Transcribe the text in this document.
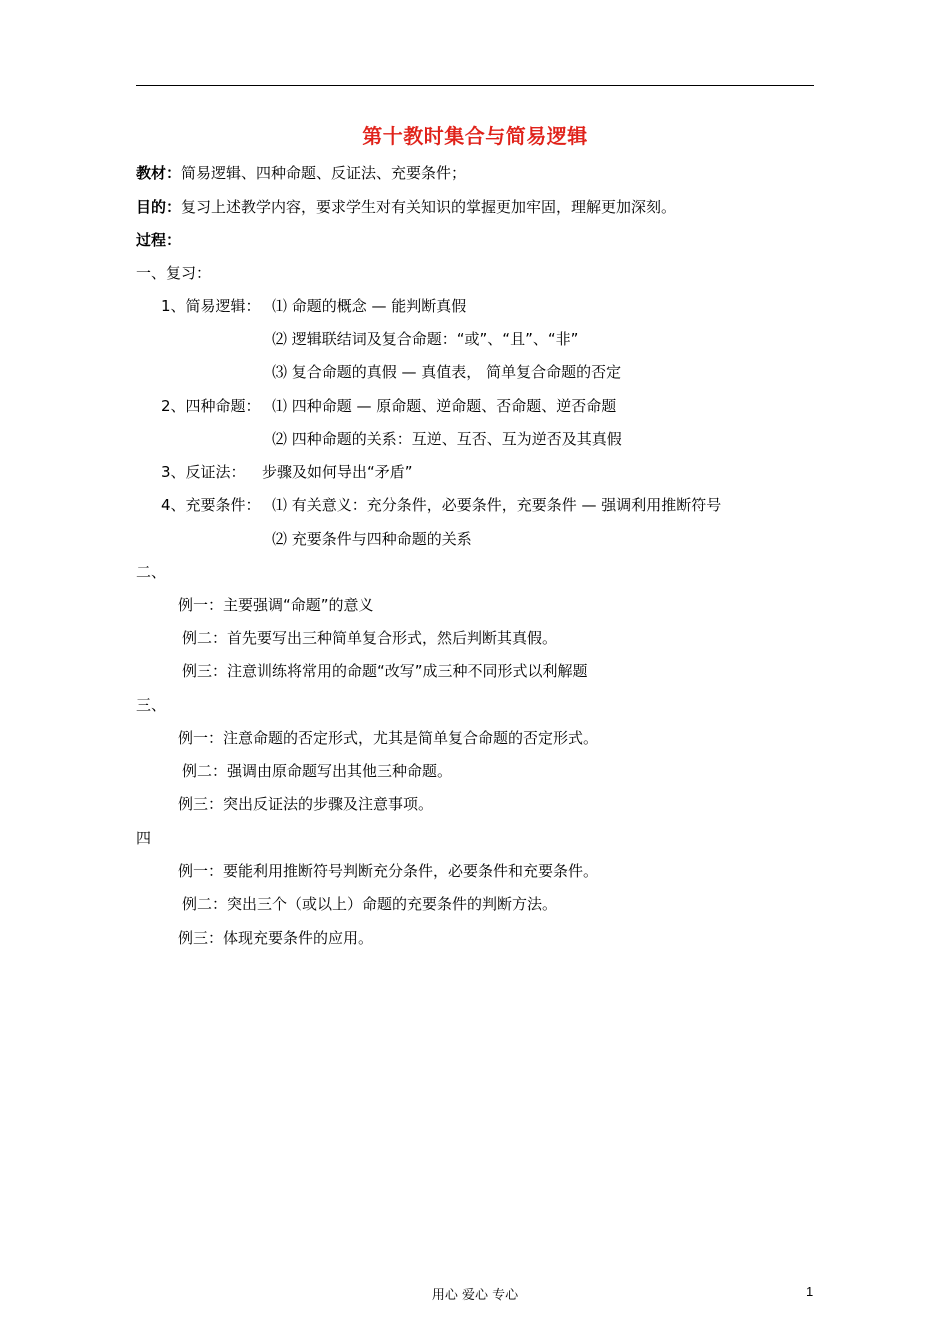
第十教时集合与简易逻辑
教材：简易逻辑、四种命题、反证法、充要条件；
目的：复习上述教学内容，要求学生对有关知识的掌握更加牢固，理解更加深刻。
过程：
一、复习：
1、简易逻辑： ⑴ 命题的概念 — 能判断真假
⑵ 逻辑联结词及复合命题：“或”、“且”、“非”
⑶ 复合命题的真假 — 真值表， 简单复合命题的否定
2、四种命题： ⑴ 四种命题 — 原命题、逆命题、否命题、逆否命题
⑵ 四种命题的关系：互逆、互否、互为逆否及其真假
3、反证法： 步骤及如何导出“矛盾”
4、充要条件： ⑴ 有关意义：充分条件，必要条件，充要条件 — 强调利用推断符号
⑵ 充要条件与四种命题的关系
二、
例一：主要强调“命题”的意义
例二：首先要写出三种简单复合形式，然后判断其真假。
例三：注意训练将常用的命题“改写”成三种不同形式以利解题
三、
例一：注意命题的否定形式，尤其是简单复合命题的否定形式。
例二：强调由原命题写出其他三种命题。
例三：突出反证法的步骤及注意事项。
四
例一：要能利用推断符号判断充分条件，必要条件和充要条件。
例二：突出三个（或以上）命题的充要条件的判断方法。
例三：体现充要条件的应用。
用心 爱心 专心	1
